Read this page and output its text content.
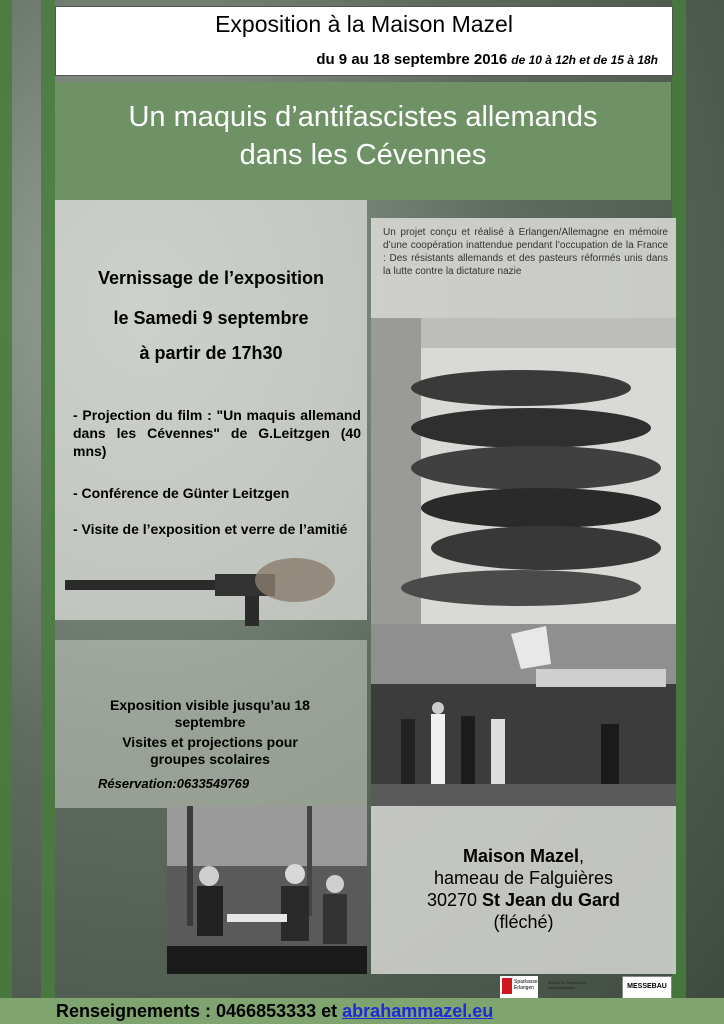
Exposition à la Maison Mazel
du 9 au 18 septembre 2016 de 10 à 12h et de 15 à 18h
Un maquis d’antifascistes allemands
dans les Cévennes
Vernissage de l’exposition
le Samedi 9 septembre
à partir de 17h30
- Projection du film : "Un maquis allemand dans les Cévennes" de G.Leitzgen (40 mns)
- Conférence de Günter Leitzgen
- Visite de l’exposition et verre de l’amitié
Exposition visible jusqu’au 18
septembre
Visites et projections pour
groupes scolaires
Réservation:0633549769
Un projet conçu et réalisé à Erlangen/Allemagne en mémoire d’une coopération inattendue pendant l’occupation de la France : Des résistants allemands et des pasteurs réformés unis dans la lutte contre la dictature nazie
Maison Mazel,
hameau de Falguières
30270 St Jean du Gard
(fléché)
Sparkasse
Erlangen
Institut für Technische Dokumentation	MESSEBAU
Renseignements : 0466853333 et abrahammazel.eu
